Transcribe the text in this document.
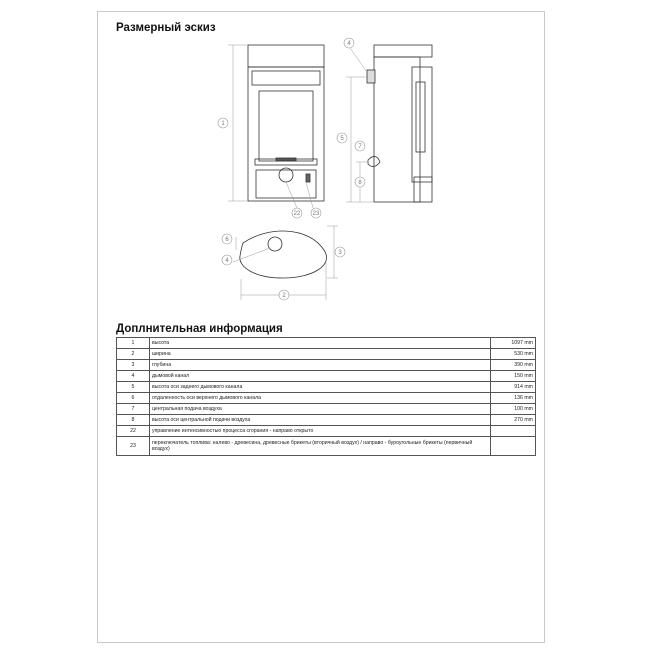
Размерный эскиз
1
4
5
7
8
22 23
6
4
3
2
Доплнительная информация
1	высота	1097 mm
2	ширина	530 mm
3	глубина	390 mm
4	дымовой канал	150 mm
5	высота оси заднего дымового канала	914 mm
6	отдаленность оси верхнего дымового канала	136 mm
7	центральная подача воздуха	100 mm
8	высота оси центральной подачи воздуха	270 mm
22	управление интенсивностью процесса сгорания - направо открыто	
23	переключатель топлива: налево - древесина, древесные брикеты (вторичный воздух) / направо - буроугольные брикеты (первичный воздух)	
